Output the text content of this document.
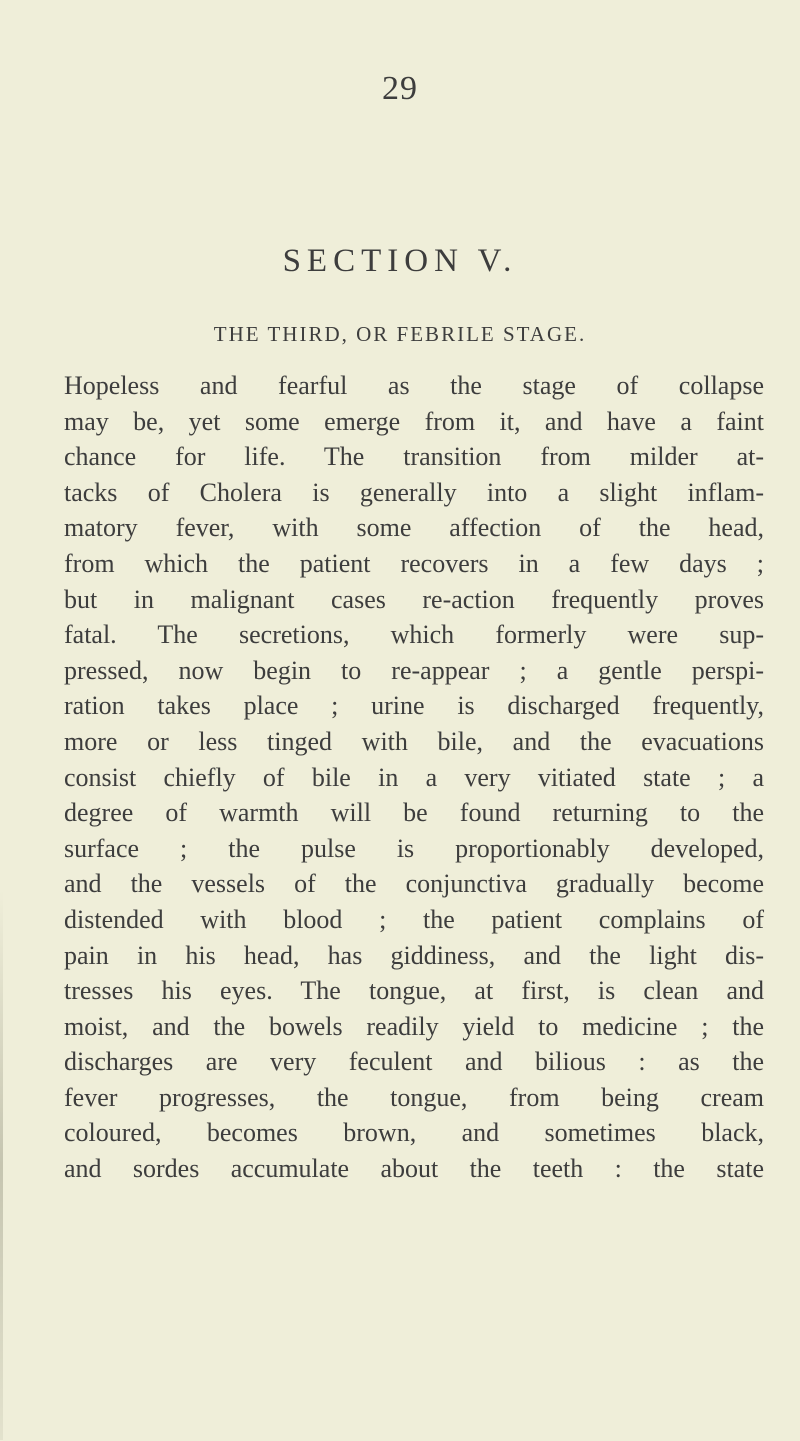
29
SECTION V.
THE THIRD, OR FEBRILE STAGE.
Hopeless and fearful as the stage of collapse
may be, yet some emerge from it, and have a faint
chance for life. The transition from milder at-
tacks of Cholera is generally into a slight inflam-
matory fever, with some affection of the head,
from which the patient recovers in a few days ;
but in malignant cases re-action frequently proves
fatal. The secretions, which formerly were sup-
pressed, now begin to re-appear ; a gentle perspi-
ration takes place ; urine is discharged frequently,
more or less tinged with bile, and the evacuations
consist chiefly of bile in a very vitiated state ; a
degree of warmth will be found returning to the
surface ; the pulse is proportionably developed,
and the vessels of the conjunctiva gradually become
distended with blood ; the patient complains of
pain in his head, has giddiness, and the light dis-
tresses his eyes. The tongue, at first, is clean and
moist, and the bowels readily yield to medicine ; the
discharges are very feculent and bilious : as the
fever progresses, the tongue, from being cream
coloured, becomes brown, and sometimes black,
and sordes accumulate about the teeth : the state
